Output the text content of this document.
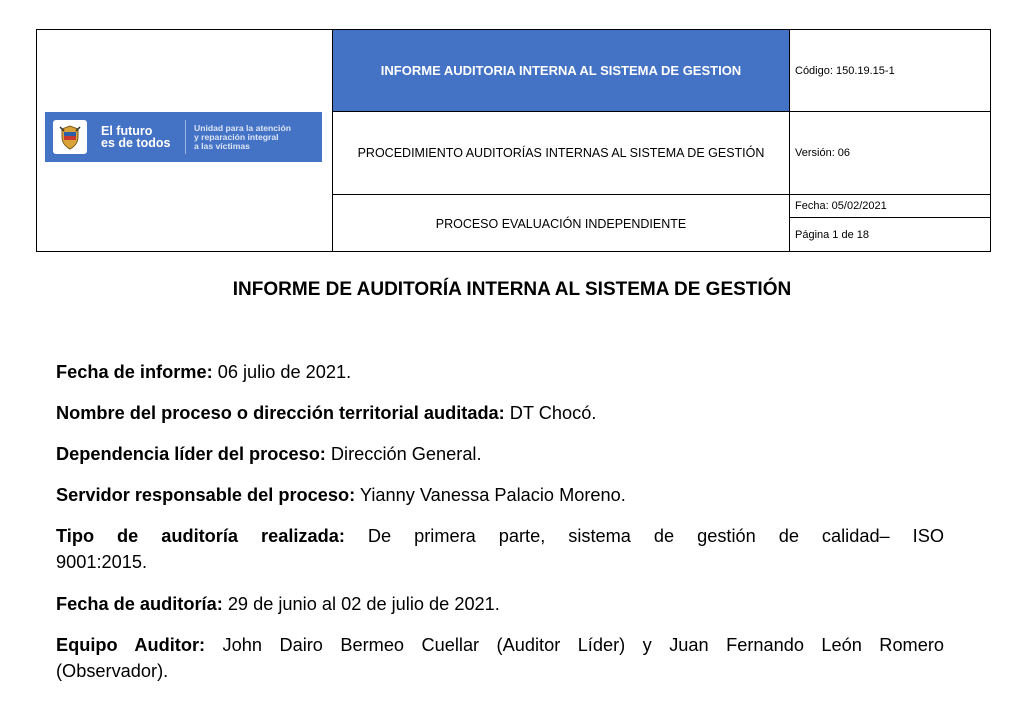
El futuro
es de todos
Unidad para la atención
y reparación integral
a las víctimas
INFORME AUDITORIA INTERNA AL SISTEMA DE GESTION
PROCEDIMIENTO AUDITORÍAS INTERNAS AL SISTEMA DE GESTIÓN
PROCESO EVALUACIÓN INDEPENDIENTE
Código: 150.19.15-1
Versión: 06
Fecha: 05/02/2021
Página 1 de 18
INFORME DE AUDITORÍA INTERNA AL SISTEMA DE GESTIÓN
Fecha de informe: 06 julio de 2021.
Nombre del proceso o dirección territorial auditada: DT Chocó.
Dependencia líder del proceso: Dirección General.
Servidor responsable del proceso: Yianny Vanessa Palacio Moreno.
Tipo de auditoría realizada: De primera parte, sistema de gestión de calidad– ISO
9001:2015.
Fecha de auditoría: 29 de junio al 02 de julio de 2021.
Equipo Auditor: John Dairo Bermeo Cuellar (Auditor Líder) y Juan Fernando León Romero
(Observador).
